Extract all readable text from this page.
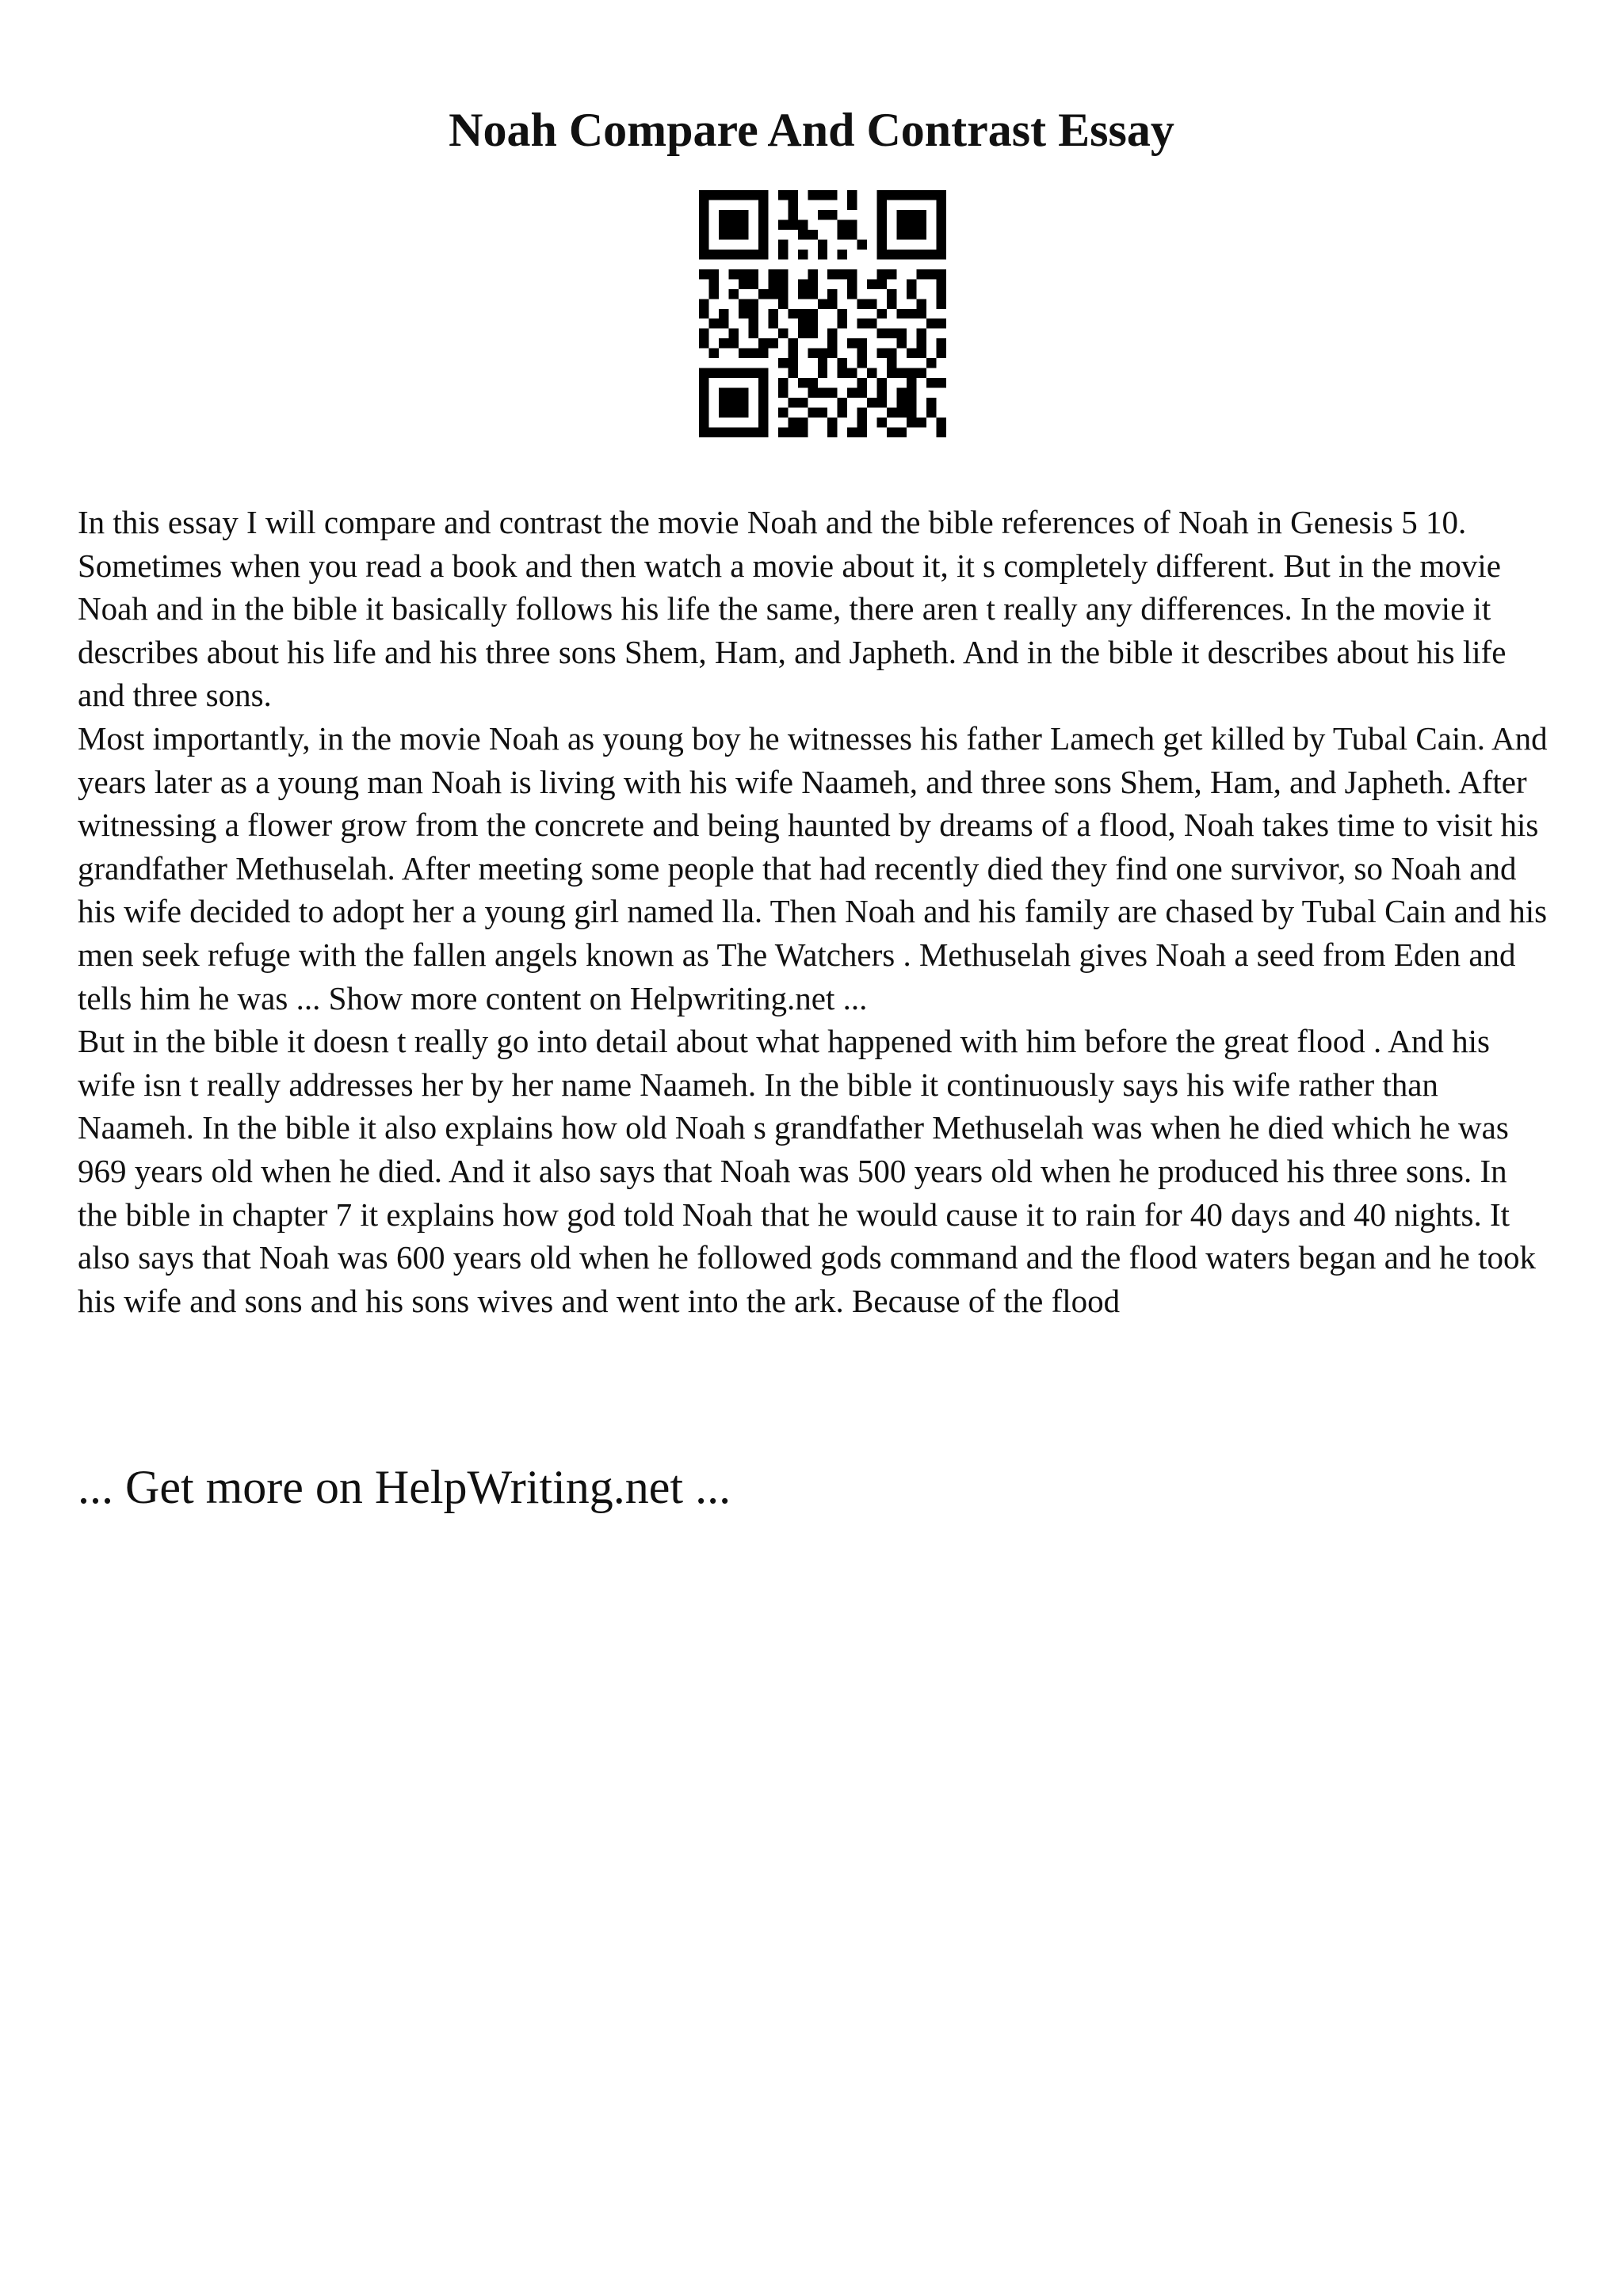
Noah Compare And Contrast Essay

In this essay I will compare and contrast the movie Noah and the bible references of Noah in Genesis 5 10. Sometimes when you read a book and then watch a movie about it, it s completely different. But in the movie Noah and in the bible it basically follows his life the same, there aren t really any differences. In the movie it describes about his life and his three sons Shem, Ham, and Japheth. And in the bible it describes about his life and three sons.

Most importantly, in the movie Noah as young boy he witnesses his father Lamech get killed by Tubal Cain. And years later as a young man Noah is living with his wife Naameh, and three sons Shem, Ham, and Japheth. After witnessing a flower grow from the concrete and being haunted by dreams of a flood, Noah takes time to visit his grandfather Methuselah. After meeting some people that had recently died they find one survivor, so Noah and his wife decided to adopt her a young girl named lla. Then Noah and his family are chased by Tubal Cain and his men seek refuge with the fallen angels known as The Watchers . Methuselah gives Noah a seed from Eden and tells him he was ... Show more content on Helpwriting.net ...

But in the bible it doesn t really go into detail about what happened with him before the great flood . And his wife isn t really addresses her by her name Naameh. In the bible it continuously says his wife rather than Naameh. In the bible it also explains how old Noah s grandfather Methuselah was when he died which he was 969 years old when he died. And it also says that Noah was 500 years old when he produced his three sons. In the bible in chapter 7 it explains how god told Noah that he would cause it to rain for 40 days and 40 nights. It also says that Noah was 600 years old when he followed gods command and the flood waters began and he took his wife and sons and his sons wives and went into the ark. Because of the flood

... Get more on HelpWriting.net ...
